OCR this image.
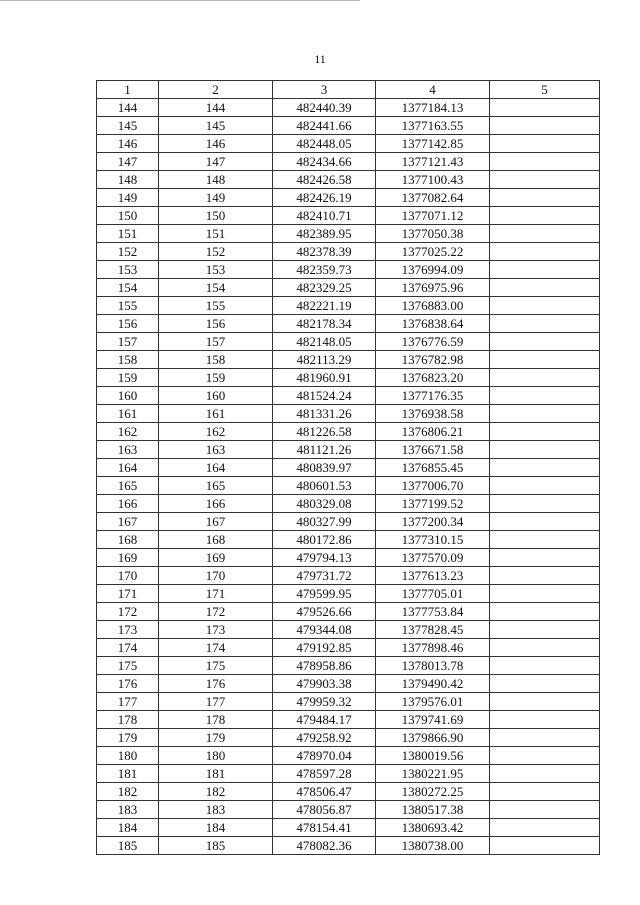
11
1	2	3	4	5
144	144	482440.39	1377184.13	
145	145	482441.66	1377163.55	
146	146	482448.05	1377142.85	
147	147	482434.66	1377121.43	
148	148	482426.58	1377100.43	
149	149	482426.19	1377082.64	
150	150	482410.71	1377071.12	
151	151	482389.95	1377050.38	
152	152	482378.39	1377025.22	
153	153	482359.73	1376994.09	
154	154	482329.25	1376975.96	
155	155	482221.19	1376883.00	
156	156	482178.34	1376838.64	
157	157	482148.05	1376776.59	
158	158	482113.29	1376782.98	
159	159	481960.91	1376823.20	
160	160	481524.24	1377176.35	
161	161	481331.26	1376938.58	
162	162	481226.58	1376806.21	
163	163	481121.26	1376671.58	
164	164	480839.97	1376855.45	
165	165	480601.53	1377006.70	
166	166	480329.08	1377199.52	
167	167	480327.99	1377200.34	
168	168	480172.86	1377310.15	
169	169	479794.13	1377570.09	
170	170	479731.72	1377613.23	
171	171	479599.95	1377705.01	
172	172	479526.66	1377753.84	
173	173	479344.08	1377828.45	
174	174	479192.85	1377898.46	
175	175	478958.86	1378013.78	
176	176	479903.38	1379490.42	
177	177	479959.32	1379576.01	
178	178	479484.17	1379741.69	
179	179	479258.92	1379866.90	
180	180	478970.04	1380019.56	
181	181	478597.28	1380221.95	
182	182	478506.47	1380272.25	
183	183	478056.87	1380517.38	
184	184	478154.41	1380693.42	
185	185	478082.36	1380738.00	
